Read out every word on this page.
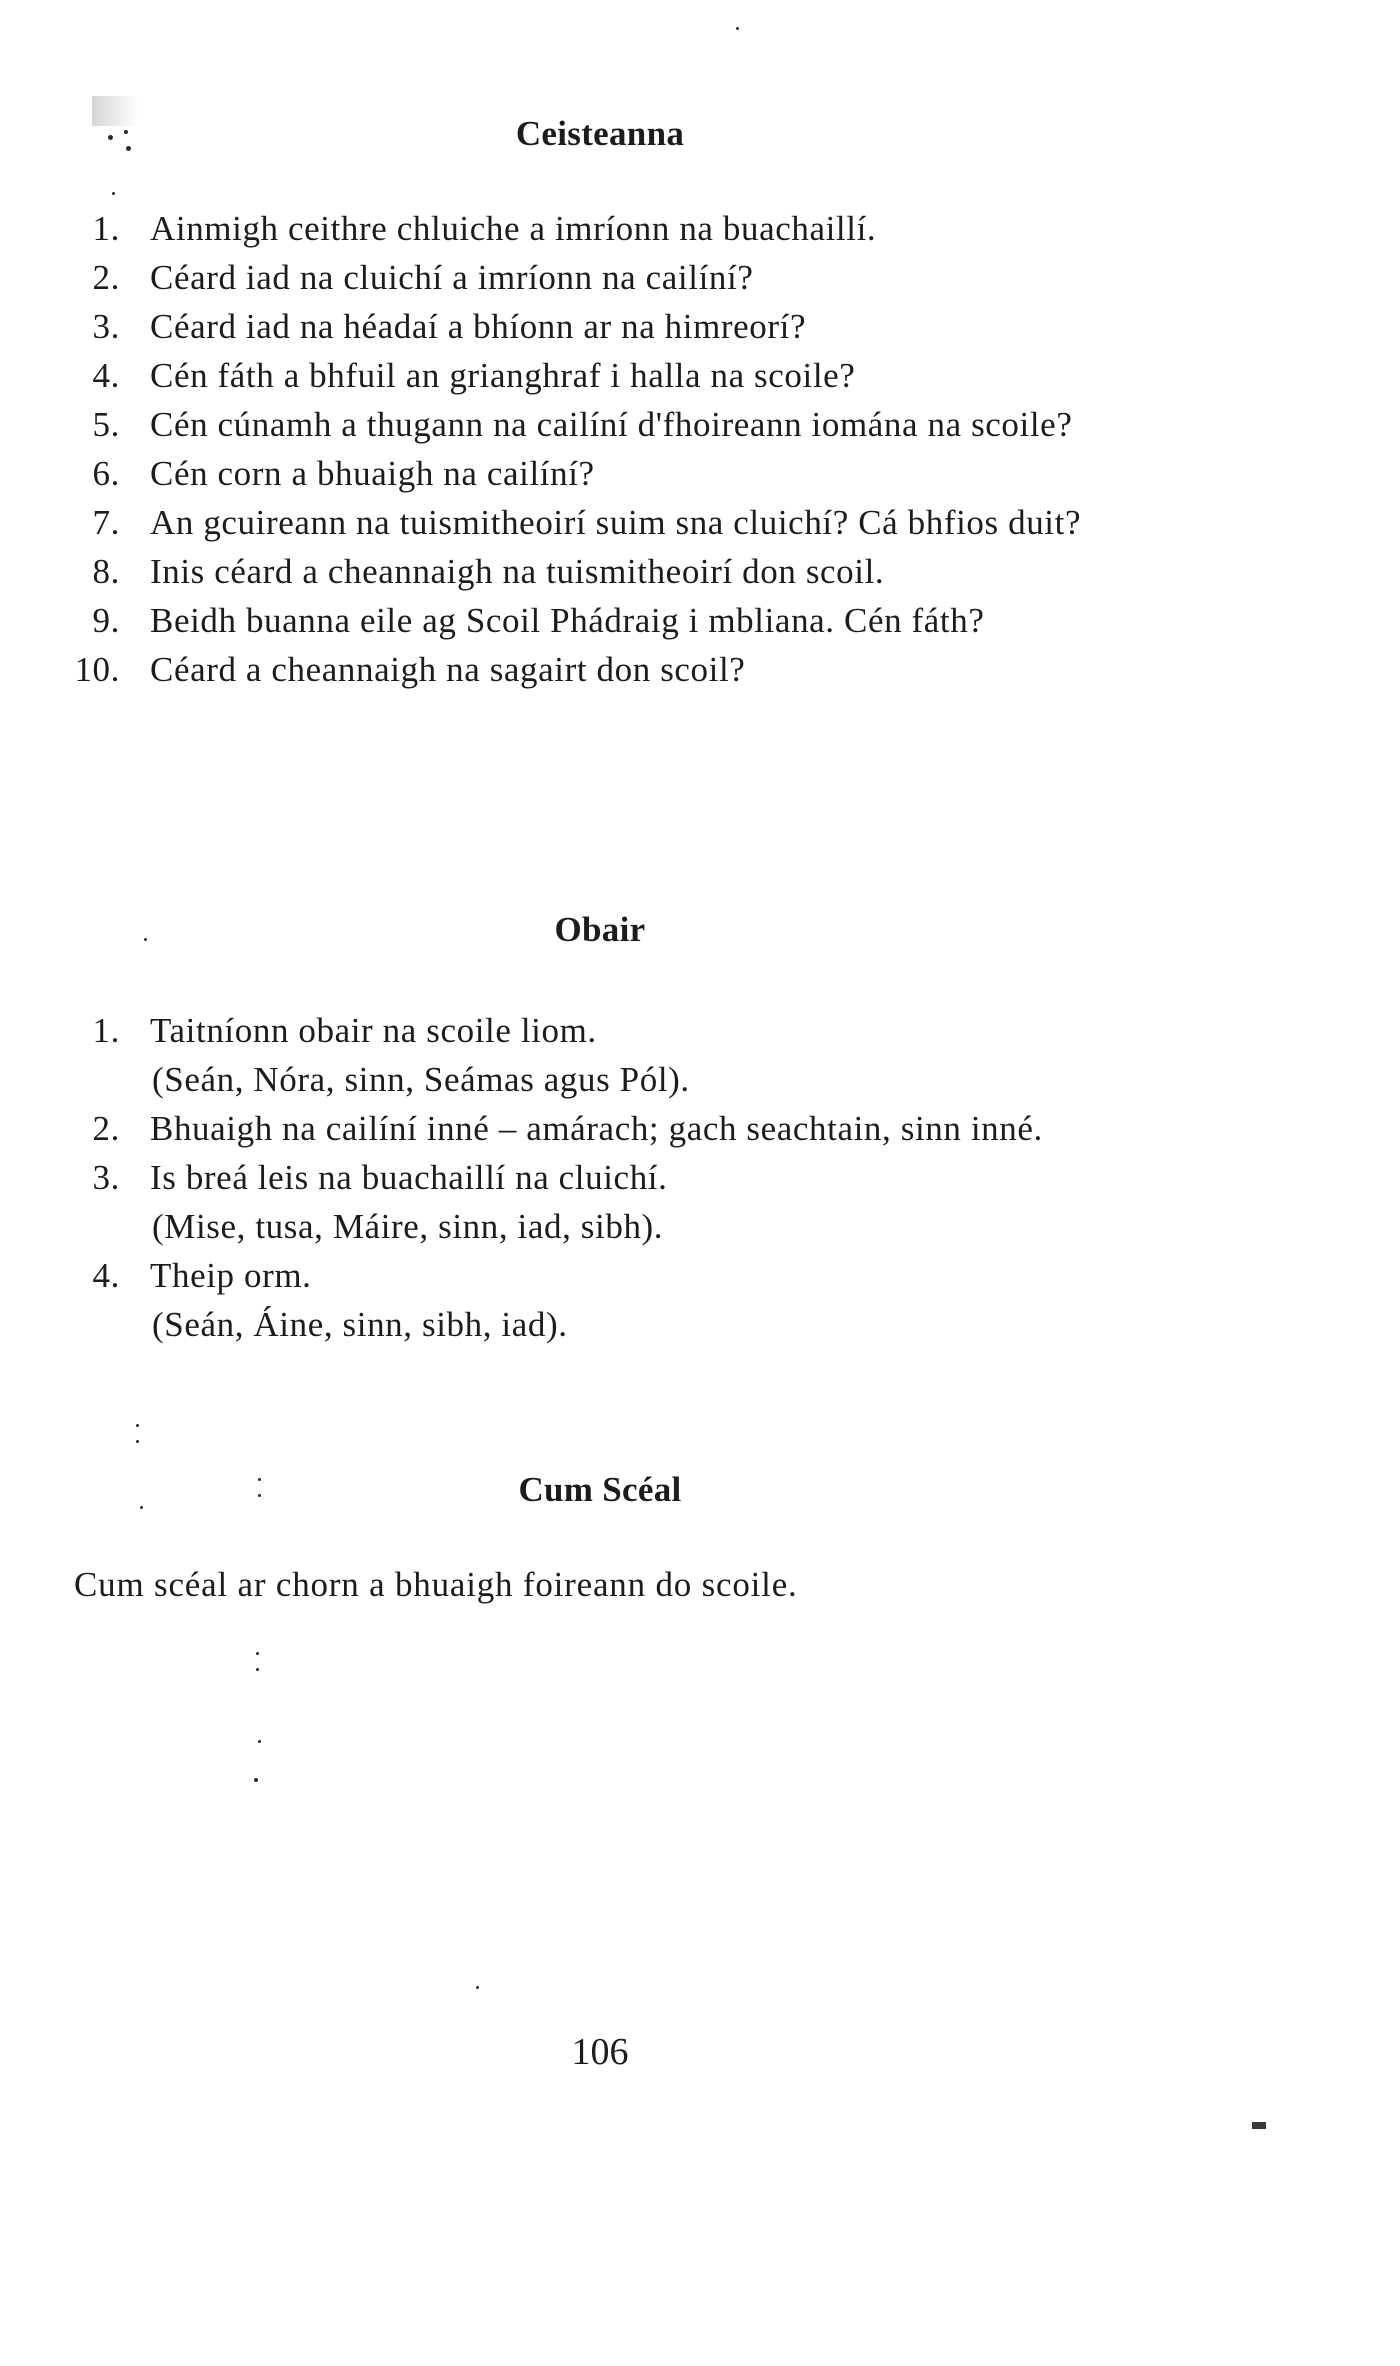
Ceisteanna
1. Ainmigh ceithre chluiche a imríonn na buachaillí.
2. Céard iad na cluichí a imríonn na cailíní?
3. Céard iad na héadaí a bhíonn ar na himreorí?
4. Cén fáth a bhfuil an grianghraf i halla na scoile?
5. Cén cúnamh a thugann na cailíní d'fhoireann iomána na scoile?
6. Cén corn a bhuaigh na cailíní?
7. An gcuireann na tuismitheoirí suim sna cluichí? Cá bhfios duit?
8. Inis céard a cheannaigh na tuismitheoirí don scoil.
9. Beidh buanna eile ag Scoil Phádraig i mbliana. Cén fáth?
10. Céard a cheannaigh na sagairt don scoil?
Obair
1. Taitníonn obair na scoile liom.
(Seán, Nóra, sinn, Seámas agus Pól).
2. Bhuaigh na cailíní inné – amárach; gach seachtain, sinn inné.
3. Is breá leis na buachaillí na cluichí.
(Mise, tusa, Máire, sinn, iad, sibh).
4. Theip orm.
(Seán, Áine, sinn, sibh, iad).
Cum Scéal
Cum scéal ar chorn a bhuaigh foireann do scoile.
106
